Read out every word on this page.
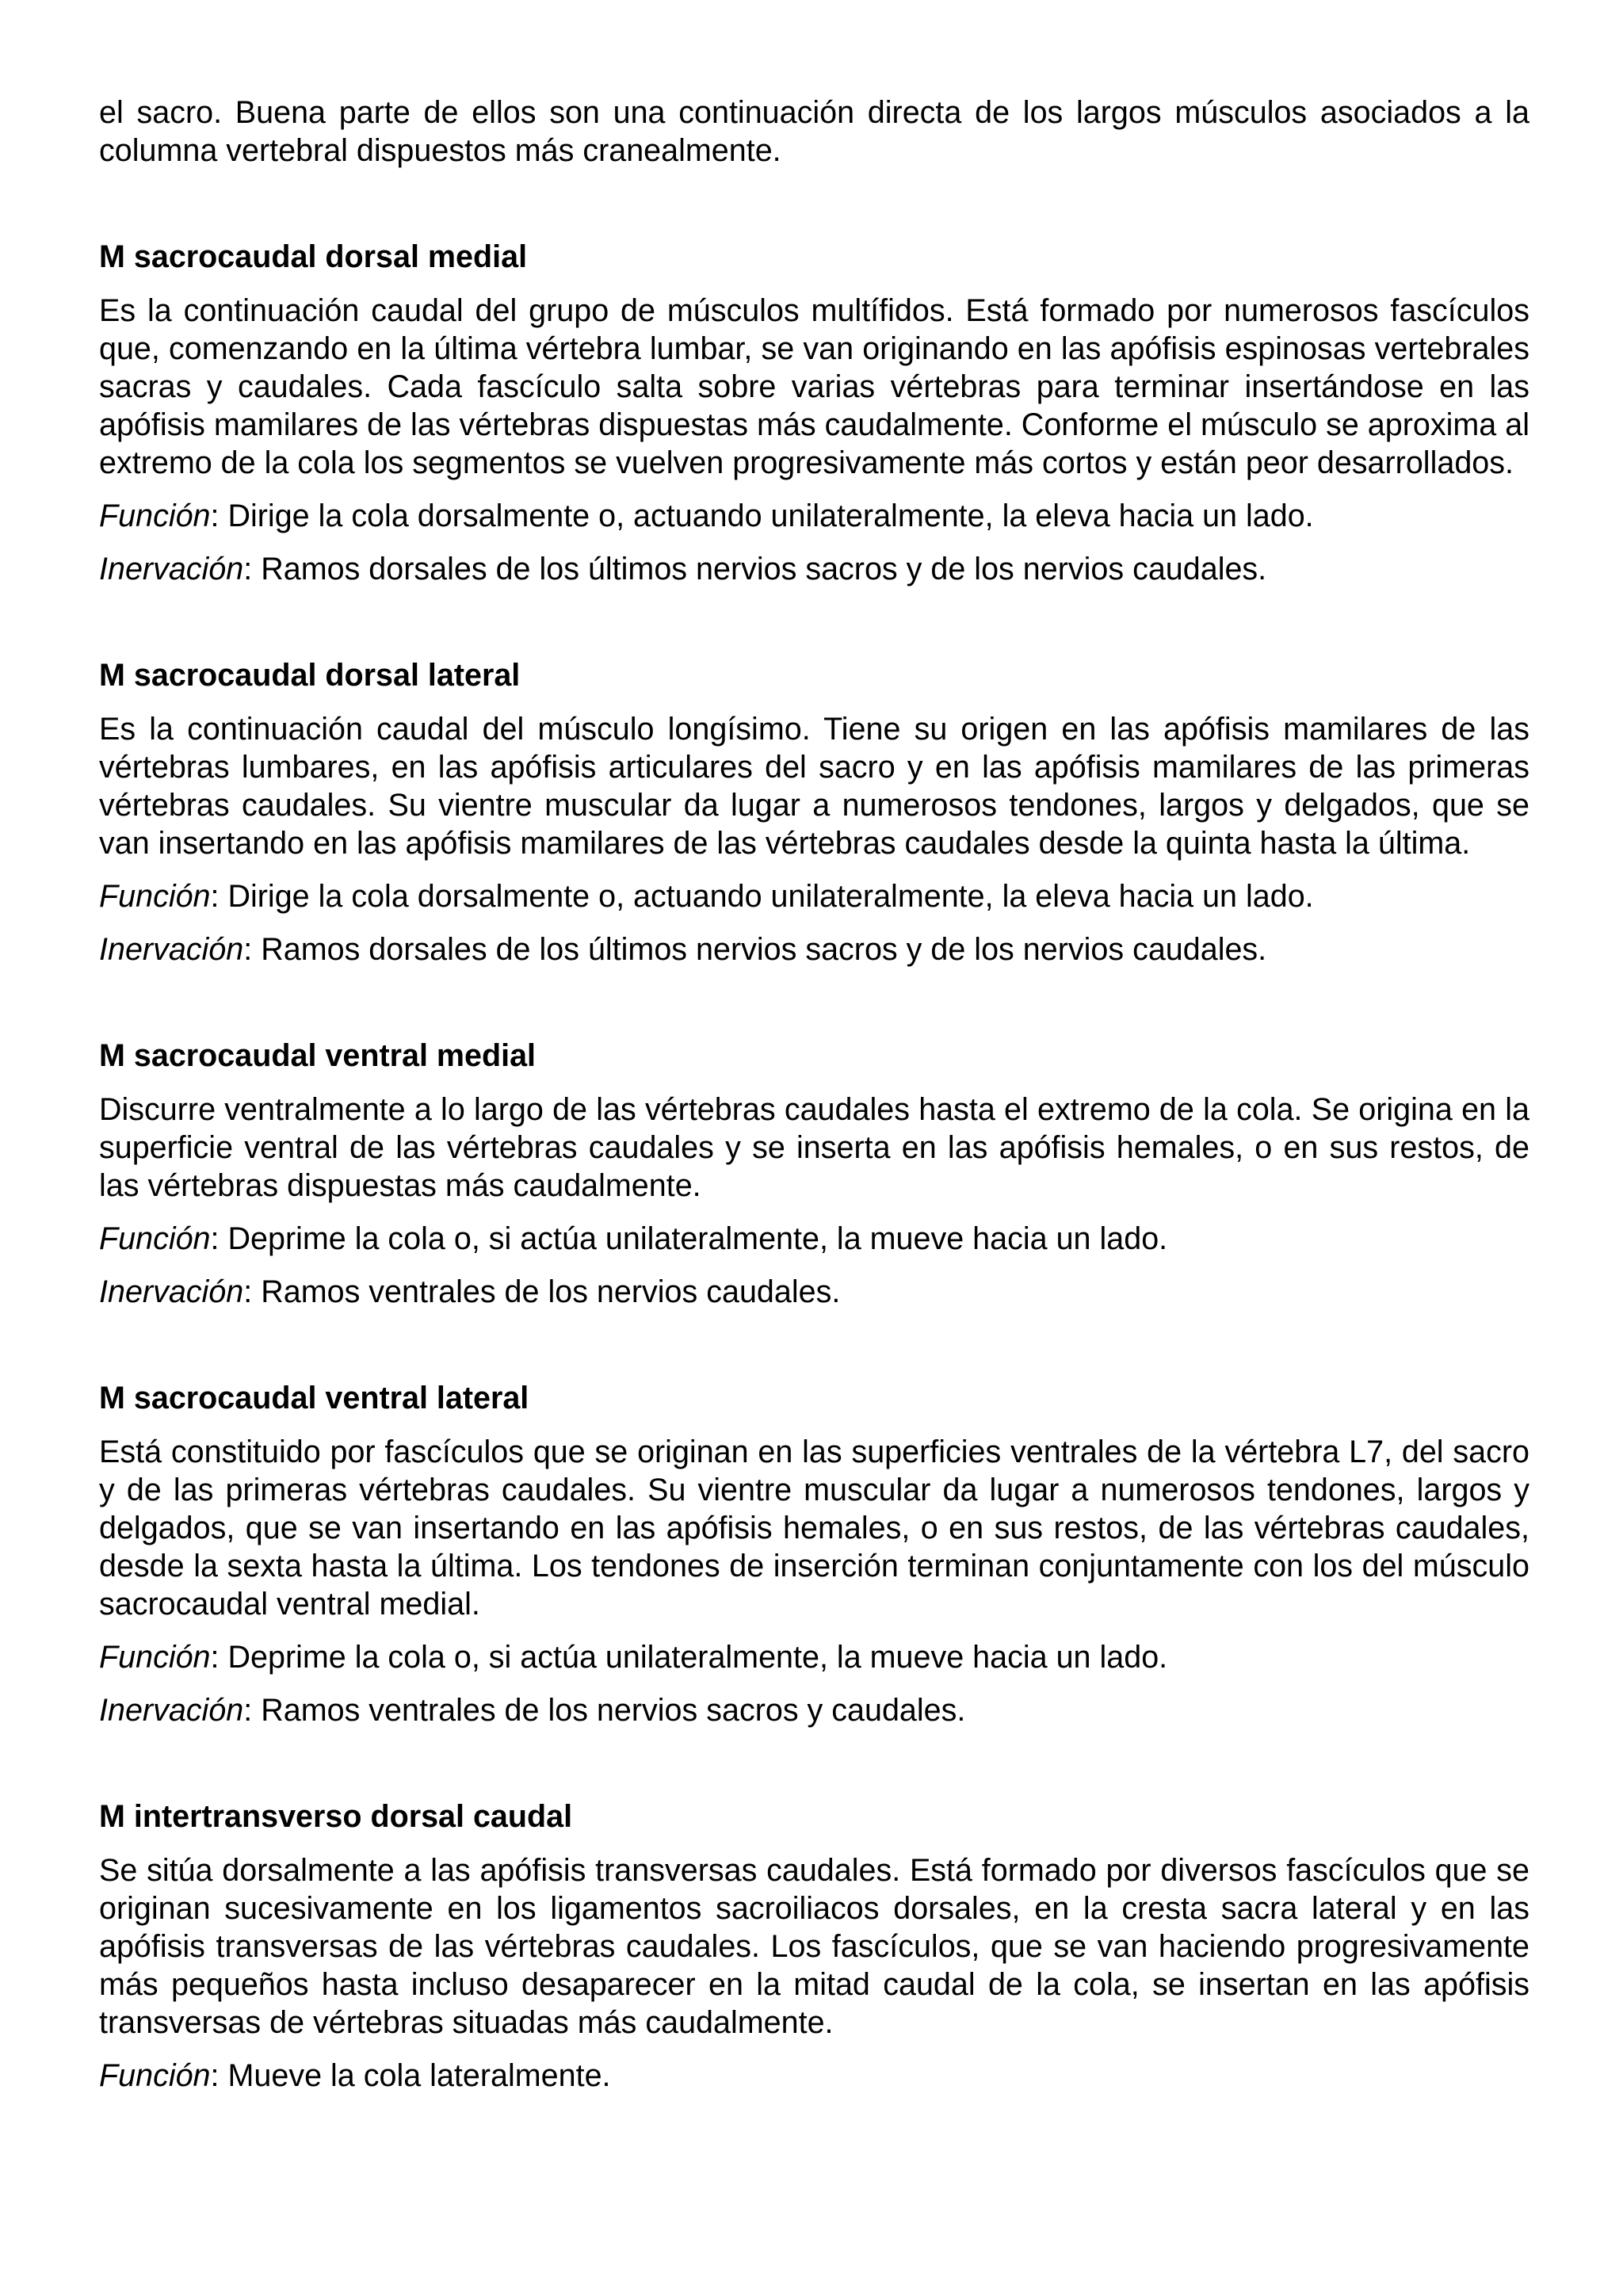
el sacro. Buena parte de ellos son una continuación directa de los largos músculos asociados a la columna vertebral dispuestos más cranealmente.

M sacrocaudal dorsal medial

Es la continuación caudal del grupo de músculos multífidos. Está formado por numerosos fascículos que, comenzando en la última vértebra lumbar, se van originando en las apófisis espinosas vertebrales sacras y caudales. Cada fascículo salta sobre varias vértebras para terminar insertándose en las apófisis mamilares de las vértebras dispuestas más caudalmente. Conforme el músculo se aproxima al extremo de la cola los segmentos se vuelven progresivamente más cortos y están peor desarrollados.

Función: Dirige la cola dorsalmente o, actuando unilateralmente, la eleva hacia un lado.

Inervación: Ramos dorsales de los últimos nervios sacros y de los nervios caudales.

M sacrocaudal dorsal lateral

Es la continuación caudal del músculo longísimo. Tiene su origen en las apófisis mamilares de las vértebras lumbares, en las apófisis articulares del sacro y en las apófisis mamilares de las primeras vértebras caudales. Su vientre muscular da lugar a numerosos tendones, largos y delgados, que se van insertando en las apófisis mamilares de las vértebras caudales desde la quinta hasta la última.

Función: Dirige la cola dorsalmente o, actuando unilateralmente, la eleva hacia un lado.

Inervación: Ramos dorsales de los últimos nervios sacros y de los nervios caudales.

M sacrocaudal ventral medial

Discurre ventralmente a lo largo de las vértebras caudales hasta el extremo de la cola. Se origina en la superficie ventral de las vértebras caudales y se inserta en las apófisis hemales, o en sus restos, de las vértebras dispuestas más caudalmente.

Función: Deprime la cola o, si actúa unilateralmente, la mueve hacia un lado.

Inervación: Ramos ventrales de los nervios caudales.

M sacrocaudal ventral lateral

Está constituido por fascículos que se originan en las superficies ventrales de la vértebra L7, del sacro y de las primeras vértebras caudales. Su vientre muscular da lugar a numerosos tendones, largos y delgados, que se van insertando en las apófisis hemales, o en sus restos, de las vértebras caudales, desde la sexta hasta la última. Los tendones de inserción terminan conjuntamente con los del músculo sacrocaudal ventral medial.

Función: Deprime la cola o, si actúa unilateralmente, la mueve hacia un lado.

Inervación: Ramos ventrales de los nervios sacros y caudales.

M intertransverso dorsal caudal

Se sitúa dorsalmente a las apófisis transversas caudales. Está formado por diversos fascículos que se originan sucesivamente en los ligamentos sacroiliacos dorsales, en la cresta sacra lateral y en las apófisis transversas de las vértebras caudales. Los fascículos, que se van haciendo progresivamente más pequeños hasta incluso desaparecer en la mitad caudal de la cola, se insertan en las apófisis transversas de vértebras situadas más caudalmente.

Función: Mueve la cola lateralmente.
